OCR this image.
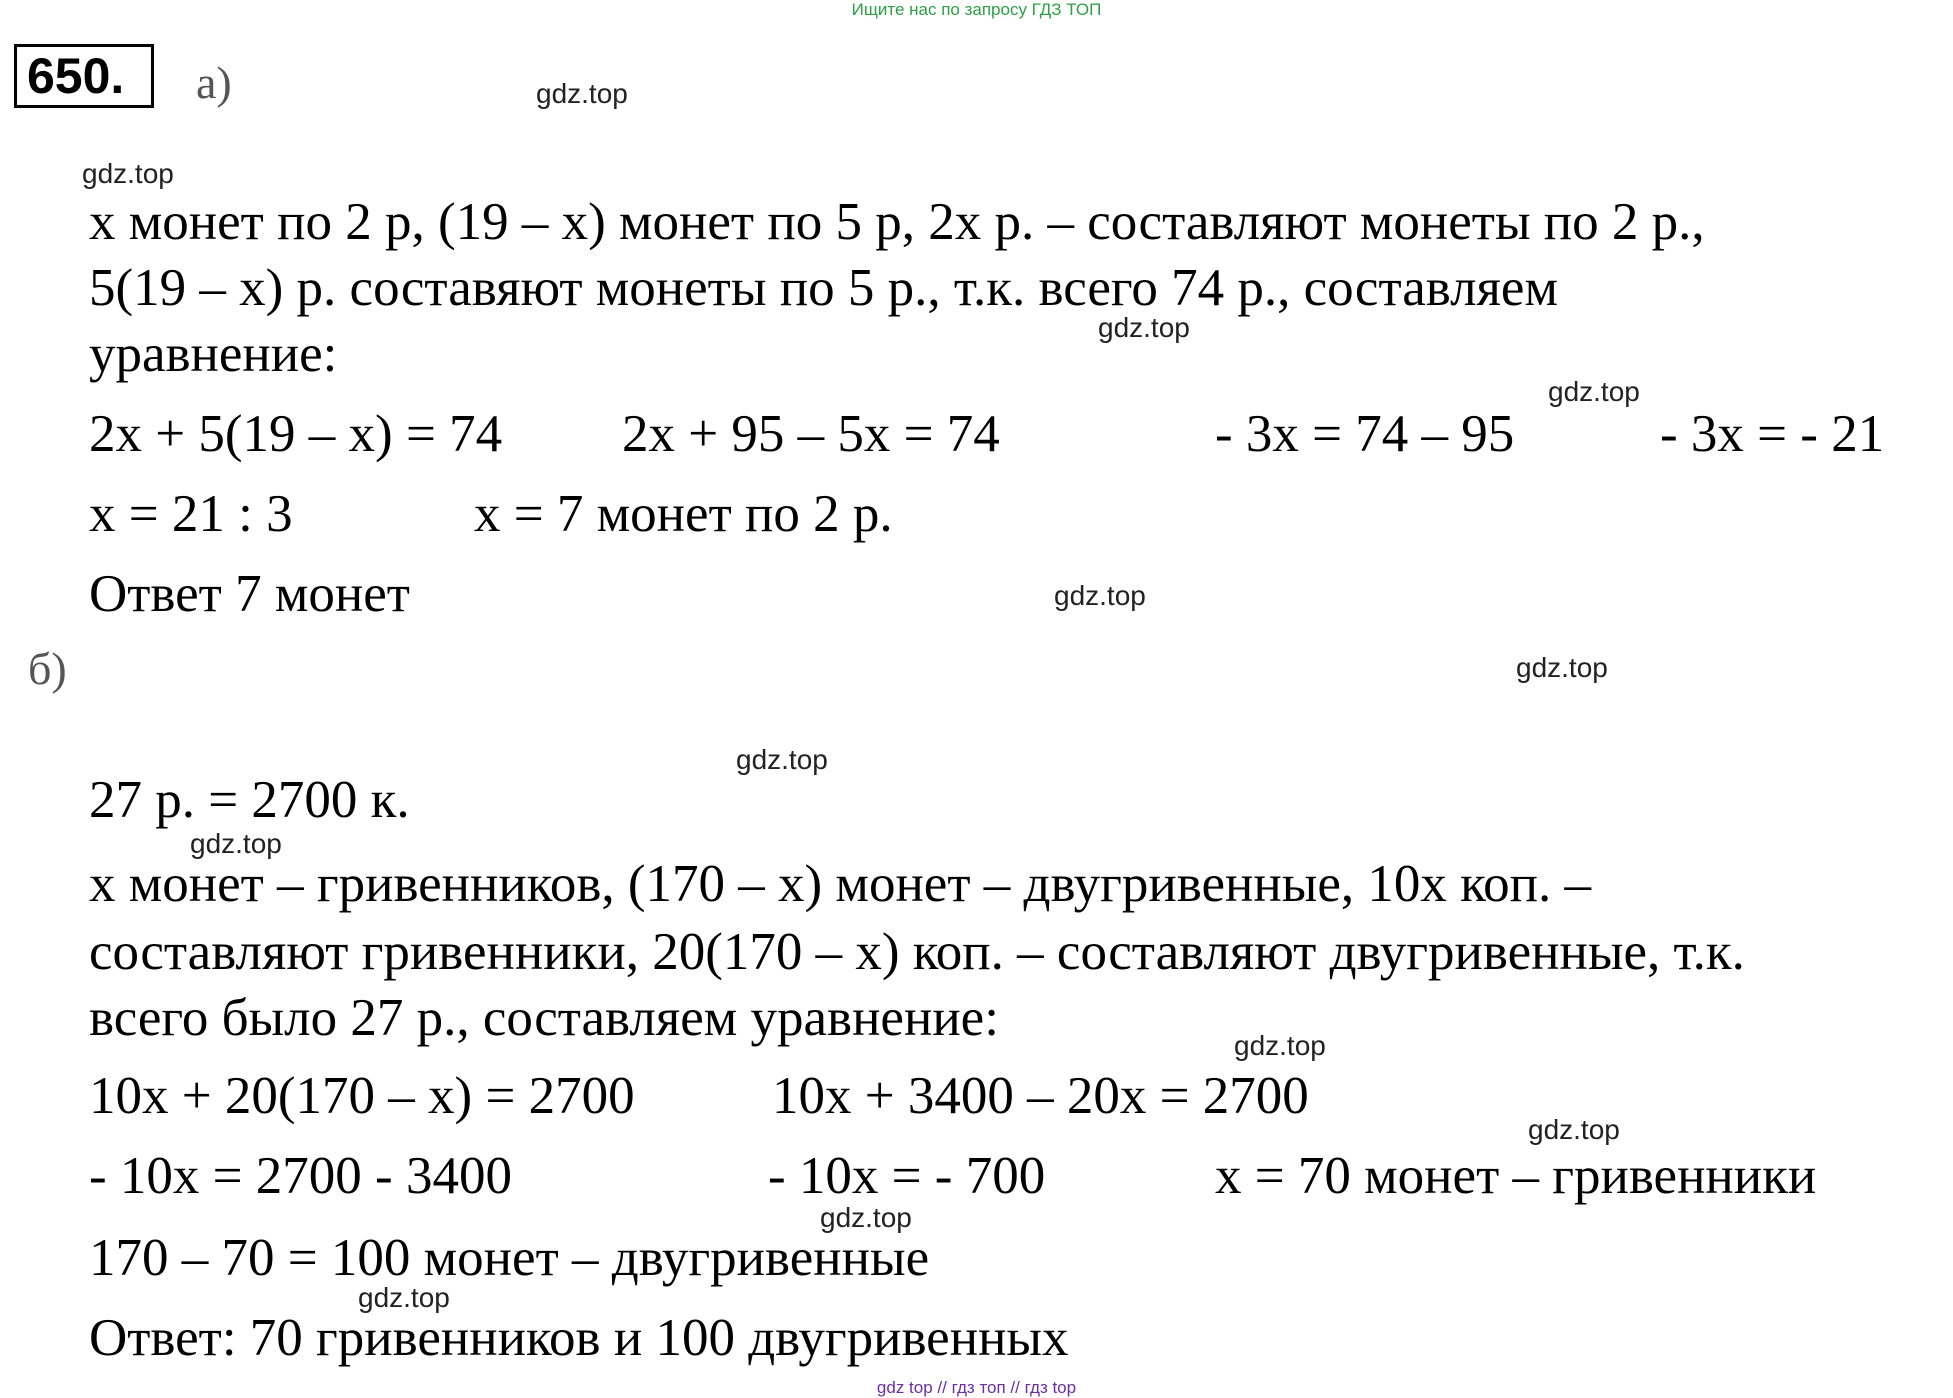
Ищите нас по запросу ГДЗ ТОП
650.	а)
х монет по 2 р, (19 – х) монет по 5 р, 2х р. – составляют монеты по 2 р.,
5(19 – х) р. составяют монеты по 5 р., т.к. всего 74 р., составляем
уравнение:
2х + 5(19 – х) = 74 2х + 95 – 5х = 74	- 3х = 74 – 95	- 3х = - 21
х = 21 : 3	х = 7 монет по 2 р.
Ответ 7 монет
б)
27 р. = 2700 к.
х монет – гривенников, (170 – х) монет – двугривенные, 10х коп. –
составляют гривенники, 20(170 – х) коп. – составляют двугривенные, т.к.
всего было 27 р., составляем уравнение:
10х + 20(170 – х) = 2700	10х + 3400 – 20х = 2700
- 10х = 2700 - 3400	- 10х = - 700	х = 70 монет – гривенники
170 – 70 = 100 монет – двугривенные
Ответ: 70 гривенников и 100 двугривенных
gdz.top
gdz.top
gdz.top
gdz.top
gdz.top
gdz.top
gdz.top
gdz.top
gdz.top
gdz.top
gdz.top
gdz.top
gdz top // гдз топ // гдз top
